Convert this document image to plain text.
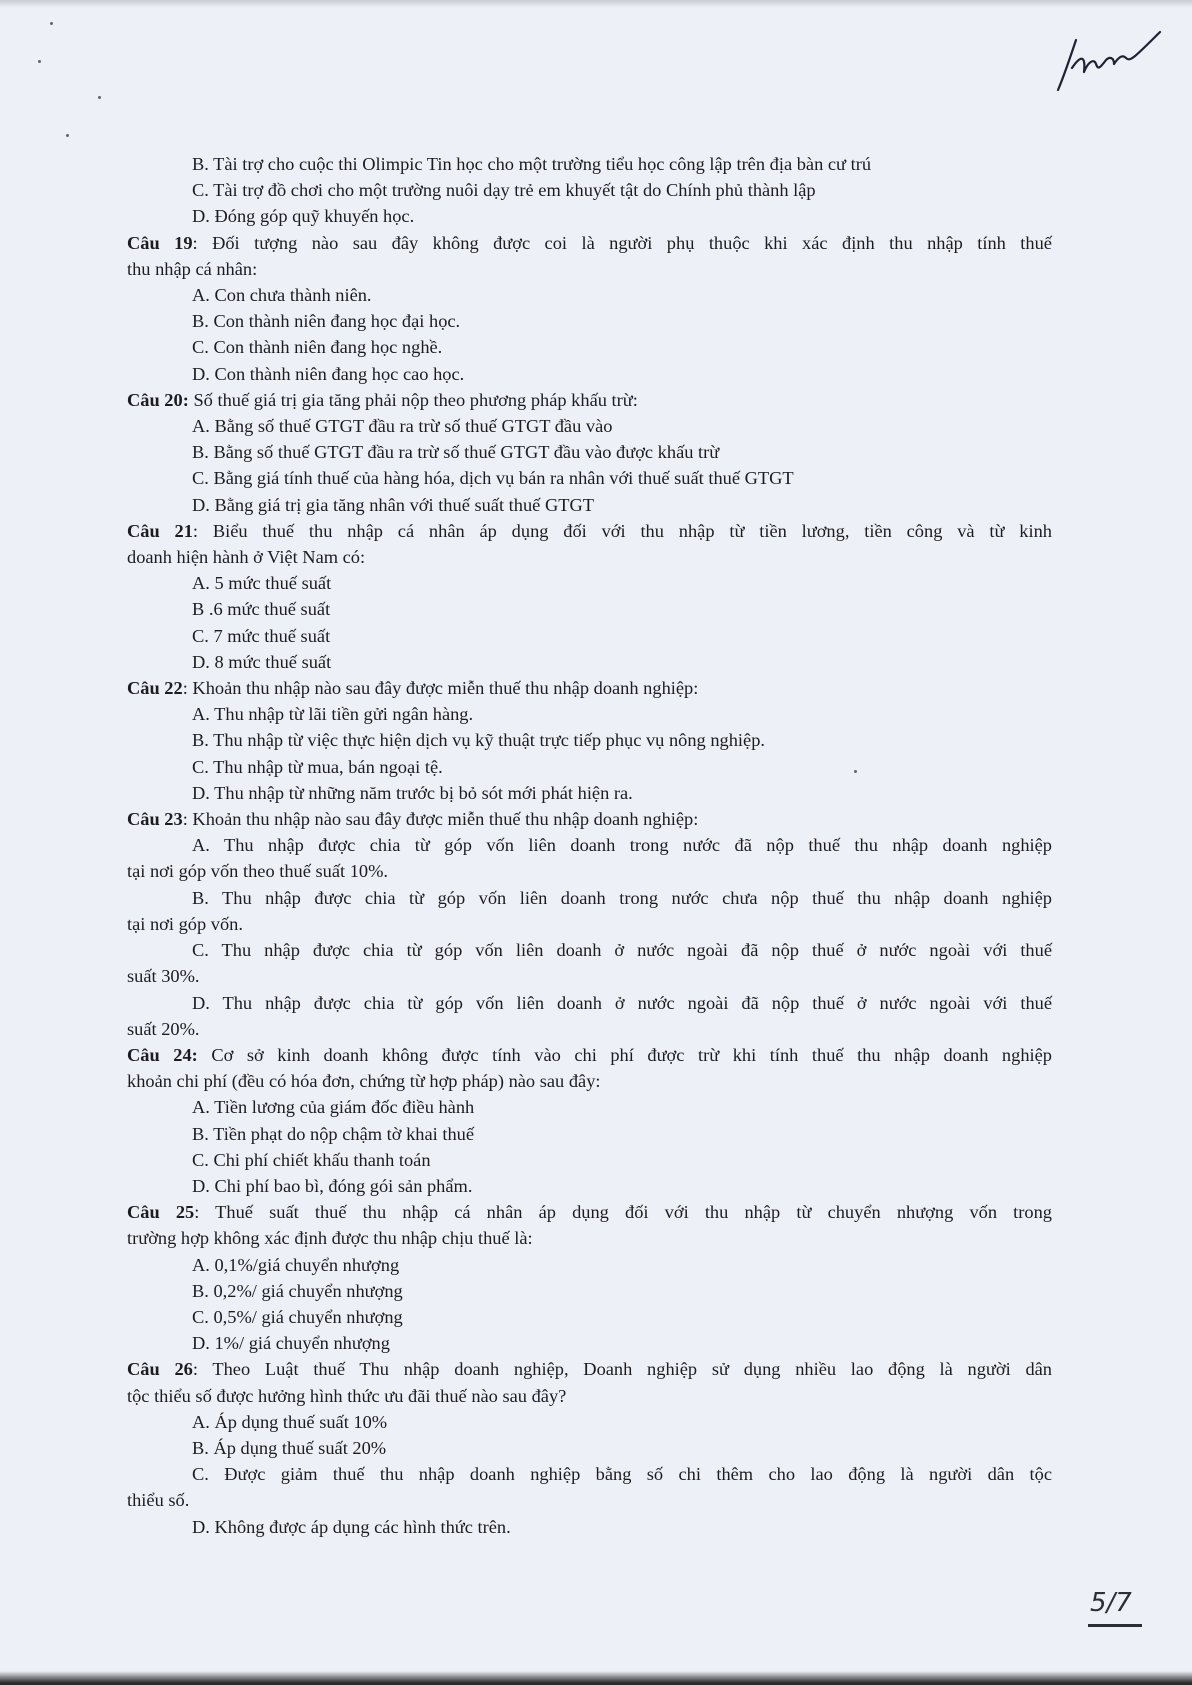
B. Tài trợ cho cuộc thi Olimpic Tin học cho một trường tiểu học công lập trên địa bàn cư trú
C. Tài trợ đồ chơi cho một trường nuôi dạy trẻ em khuyết tật do Chính phủ thành lập
D. Đóng góp quỹ khuyến học.
Câu 19: Đối tượng nào sau đây không được coi là người phụ thuộc khi xác định thu nhập tính thuế
thu nhập cá nhân:
A. Con chưa thành niên.
B. Con thành niên đang học đại học.
C. Con thành niên đang học nghề.
D. Con thành niên đang học cao học.
Câu 20: Số thuế giá trị gia tăng phải nộp theo phương pháp khấu trừ:
A. Bằng số thuế GTGT đầu ra trừ số thuế GTGT đầu vào
B. Bằng số thuế GTGT đầu ra trừ số thuế GTGT đầu vào được khấu trừ
C. Bằng giá tính thuế của hàng hóa, dịch vụ bán ra nhân với thuế suất thuế GTGT
D. Bằng giá trị gia tăng nhân với thuế suất thuế GTGT
Câu 21: Biểu thuế thu nhập cá nhân áp dụng đối với thu nhập từ tiền lương, tiền công và từ kinh
doanh hiện hành ở Việt Nam có:
A. 5 mức thuế suất
B .6 mức thuế suất
C. 7 mức thuế suất
D. 8 mức thuế suất
Câu 22: Khoản thu nhập nào sau đây được miễn thuế thu nhập doanh nghiệp:
A. Thu nhập từ lãi tiền gửi ngân hàng.
B. Thu nhập từ việc thực hiện dịch vụ kỹ thuật trực tiếp phục vụ nông nghiệp.
C. Thu nhập từ mua, bán ngoại tệ.
D. Thu nhập từ những năm trước bị bỏ sót mới phát hiện ra.
Câu 23: Khoản thu nhập nào sau đây được miễn thuế thu nhập doanh nghiệp:
A. Thu nhập được chia từ góp vốn liên doanh trong nước đã nộp thuế thu nhập doanh nghiệp
tại nơi góp vốn theo thuế suất 10%.
B. Thu nhập được chia từ góp vốn liên doanh trong nước chưa nộp thuế thu nhập doanh nghiệp
tại nơi góp vốn.
C. Thu nhập được chia từ góp vốn liên doanh ở nước ngoài đã nộp thuế ở nước ngoài với thuế
suất 30%.
D. Thu nhập được chia từ góp vốn liên doanh ở nước ngoài đã nộp thuế ở nước ngoài với thuế
suất 20%.
Câu 24: Cơ sở kinh doanh không được tính vào chi phí được trừ khi tính thuế thu nhập doanh nghiệp
khoản chi phí (đều có hóa đơn, chứng từ hợp pháp) nào sau đây:
A. Tiền lương của giám đốc điều hành
B. Tiền phạt do nộp chậm tờ khai thuế
C. Chi phí chiết khấu thanh toán
D. Chi phí bao bì, đóng gói sản phẩm.
Câu 25: Thuế suất thuế thu nhập cá nhân áp dụng đối với thu nhập từ chuyển nhượng vốn trong
trường hợp không xác định được thu nhập chịu thuế là:
A. 0,1%/giá chuyển nhượng
B. 0,2%/ giá chuyển nhượng
C. 0,5%/ giá chuyển nhượng
D. 1%/ giá chuyển nhượng
Câu 26: Theo Luật thuế Thu nhập doanh nghiệp, Doanh nghiệp sử dụng nhiều lao động là người dân
tộc thiểu số được hưởng hình thức ưu đãi thuế nào sau đây?
A. Áp dụng thuế suất 10%
B. Áp dụng thuế suất 20%
C. Được giảm thuế thu nhập doanh nghiệp bằng số chi thêm cho lao động là người dân tộc
thiểu số.
D. Không được áp dụng các hình thức trên.
5/7
